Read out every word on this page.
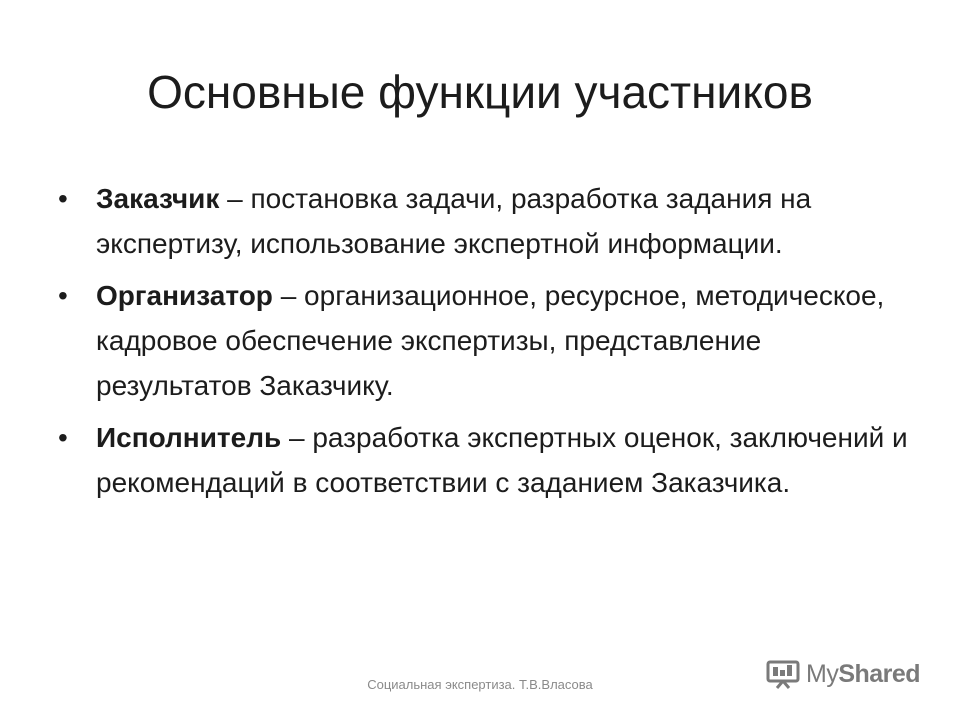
Основные функции участников
• Заказчик – постановка задачи, разработка задания на экспертизу, использование экспертной информации.
• Организатор – организационное, ресурсное, методическое, кадровое обеспечение экспертизы, представление результатов Заказчику.
• Исполнитель – разработка экспертных оценок, заключений и рекомендаций в соответствии с заданием Заказчика.
Социальная экспертиза. Т.В.Власова	MyShared
